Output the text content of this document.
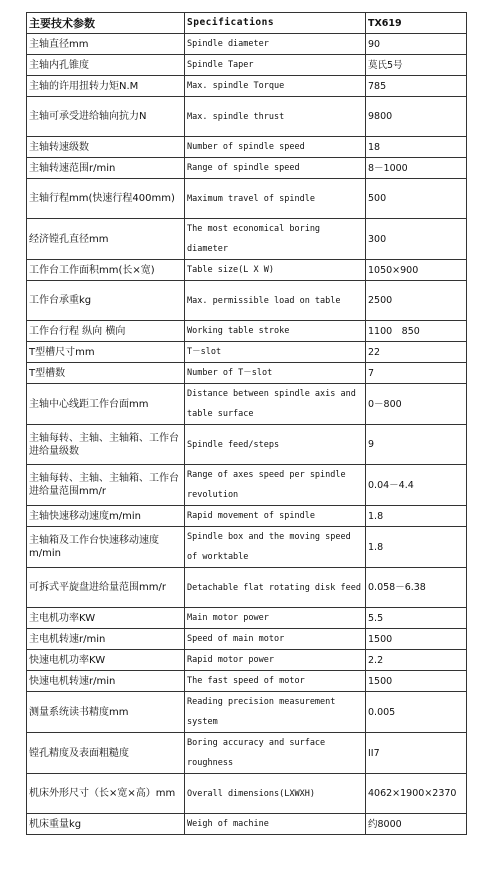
主要技术参数	Specifications	TX619
主轴直径mm	Spindle diameter	90
主轴内孔锥度	Spindle Taper	莫氏5号
主轴的许用扭转力矩N.M	Max. spindle Torque	785
主轴可承受进给轴向抗力N	Max. spindle thrust	9800
主轴转速级数	Number of spindle speed	18
主轴转速范围r/min	Range of spindle speed	8－1000
主轴行程mm(快速行程400mm)	Maximum travel of spindle	500
经济镗孔直径mm	The most economical boring diameter	300
工作台工作面积mm(长×宽)	Table size(L X W)	1050×900
工作台承重kg	Max. permissible load on table	2500
工作台行程 纵向 横向	Working table stroke	1100　850
T型槽尺寸mm	T－slot	22
T型槽数	Number of T－slot	7
主轴中心线距工作台面mm	Distance between spindle axis and table surface	0－800
主轴每转、主轴、主轴箱、工作台进给量级数	Spindle feed/steps	9
主轴每转、主轴、主轴箱、工作台进给量范围mm/r	Range of axes speed per spindle revolution	0.04－4.4
主轴快速移动速度m/min	Rapid movement of spindle	1.8
主轴箱及工作台快速移动速度m/min	Spindle box and the moving speed of worktable	1.8
可拆式平旋盘进给量范围mm/r	Detachable flat rotating disk feed	0.058－6.38
主电机功率KW	Main motor power	5.5
主电机转速r/min	Speed of main motor	1500
快速电机功率KW	Rapid motor power	2.2
快速电机转速r/min	The fast speed of motor	1500
测量系统读书精度mm	Reading precision measurement system	0.005
镗孔精度及表面粗糙度	Boring accuracy and surface roughness	II7
机床外形尺寸（长×宽×高）mm	Overall dimensions(LXWXH)	4062×1900×2370
机床重量kg	Weigh of machine	约8000
